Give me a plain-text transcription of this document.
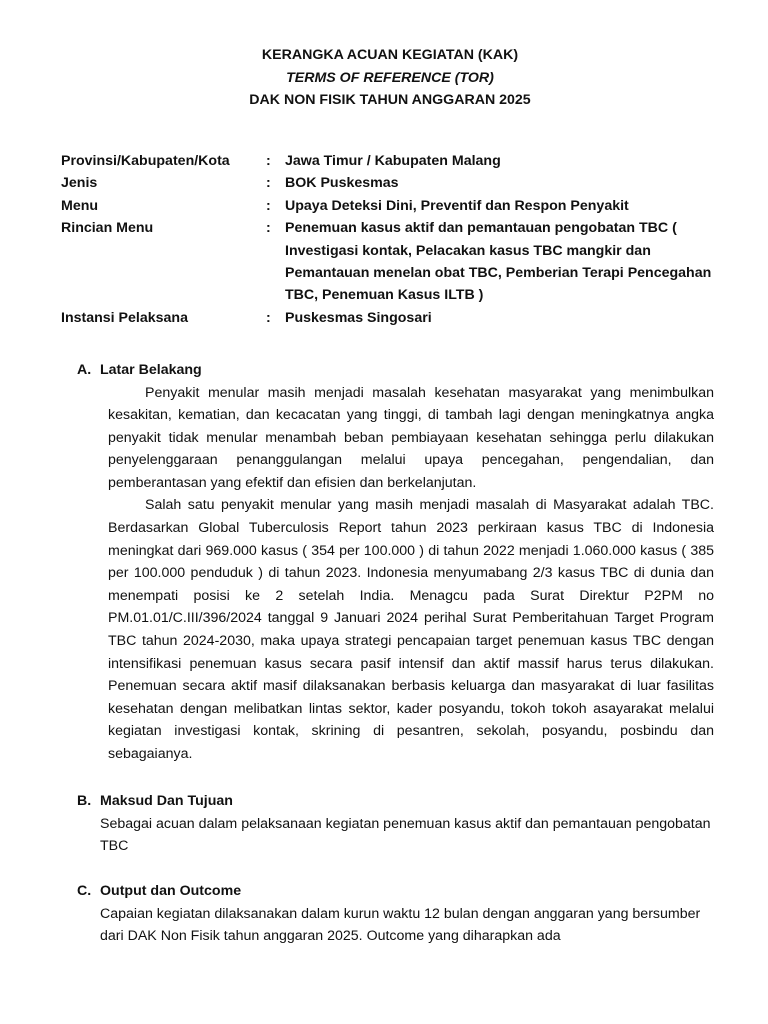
KERANGKA ACUAN KEGIATAN (KAK)
TERMS OF REFERENCE (TOR)
DAK NON FISIK TAHUN ANGGARAN 2025
Provinsi/Kabupaten/Kota	:	Jawa Timur / Kabupaten Malang
Jenis	:	BOK Puskesmas
Menu	:	Upaya Deteksi Dini, Preventif dan Respon Penyakit
Rincian Menu	:	Penemuan kasus aktif dan pemantauan pengobatan TBC ( Investigasi kontak, Pelacakan kasus TBC mangkir dan Pemantauan menelan obat TBC, Pemberian Terapi Pencegahan TBC, Penemuan Kasus ILTB )
Instansi Pelaksana	:	Puskesmas Singosari
A. Latar Belakang

Penyakit menular masih menjadi masalah kesehatan masyarakat yang menimbulkan kesakitan, kematian, dan kecacatan yang tinggi, di tambah lagi dengan meningkatnya angka penyakit tidak menular menambah beban pembiayaan kesehatan sehingga perlu dilakukan penyelenggaraan penanggulangan melalui upaya pencegahan, pengendalian, dan pemberantasan yang efektif dan efisien dan berkelanjutan.

Salah satu penyakit menular yang masih menjadi masalah di Masyarakat adalah TBC. Berdasarkan Global Tuberculosis Report tahun 2023 perkiraan kasus TBC di Indonesia meningkat dari 969.000 kasus ( 354 per 100.000 ) di tahun 2022 menjadi 1.060.000 kasus ( 385 per 100.000 penduduk ) di tahun 2023. Indonesia menyumabang 2/3 kasus TBC di dunia dan menempati posisi ke 2 setelah India. Menagcu pada Surat Direktur P2PM no PM.01.01/C.III/396/2024 tanggal 9 Januari 2024 perihal Surat Pemberitahuan Target Program TBC tahun 2024-2030, maka upaya strategi pencapaian target penemuan kasus TBC dengan intensifikasi penemuan kasus secara pasif intensif dan aktif massif harus terus dilakukan. Penemuan secara aktif masif dilaksanakan berbasis keluarga dan masyarakat di luar fasilitas kesehatan dengan melibatkan lintas sektor, kader posyandu, tokoh tokoh asayarakat melalui kegiatan investigasi kontak, skrining di pesantren, sekolah, posyandu, posbindu dan sebagaianya.

B. Maksud Dan Tujuan

Sebagai acuan dalam pelaksanaan kegiatan penemuan kasus aktif dan pemantauan pengobatan TBC

C. Output dan Outcome

Capaian kegiatan dilaksanakan dalam kurun waktu 12 bulan dengan anggaran yang bersumber dari DAK Non Fisik tahun anggaran 2025. Outcome yang diharapkan ada
